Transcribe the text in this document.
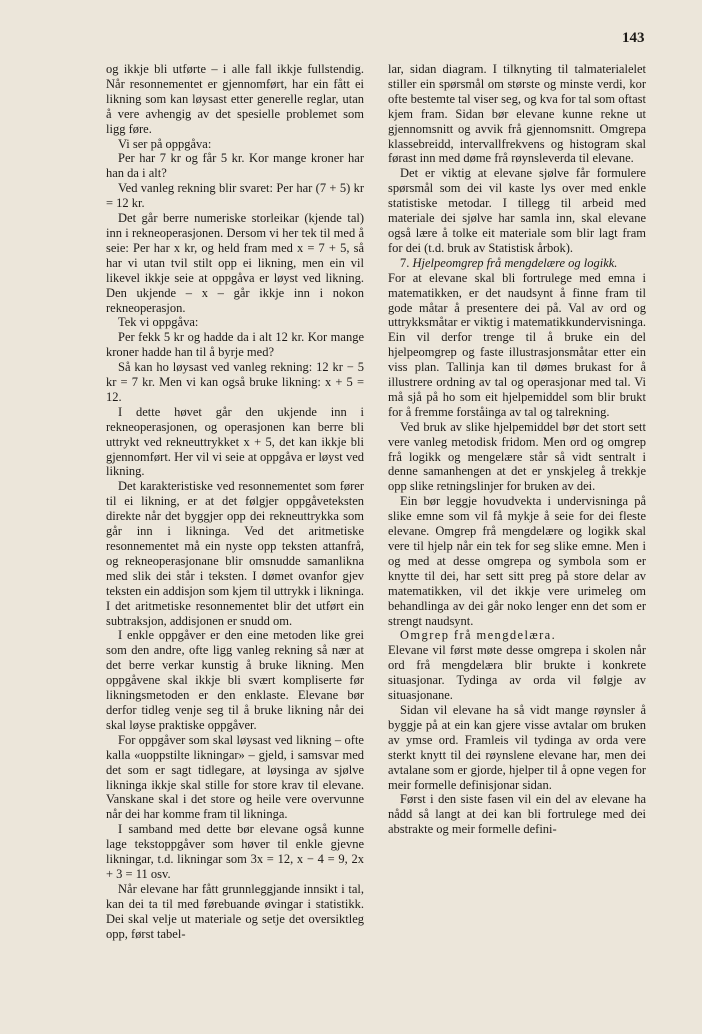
143

og ikkje bli utførte – i alle fall ikkje fullstendig. Når resonnementet er gjennomført, har ein fått ei likning som kan løysast etter generelle reglar, utan å vere avhengig av det spesielle problemet som ligg føre.

Vi ser på oppgåva:

Per har 7 kr og får 5 kr. Kor mange kroner har han da i alt?

Ved vanleg rekning blir svaret: Per har (7 + 5) kr = 12 kr.

Det går berre numeriske storleikar (kjende tal) inn i rekneoperasjonen. Dersom vi her tek til med å seie: Per har x kr, og held fram med x = 7 + 5, så har vi utan tvil stilt opp ei likning, men ein vil likevel ikkje seie at oppgåva er løyst ved likning. Den ukjende – x – går ikkje inn i nokon rekneoperasjon.

Tek vi oppgåva:

Per fekk 5 kr og hadde da i alt 12 kr. Kor mange kroner hadde han til å byrje med?

Så kan ho løysast ved vanleg rekning: 12 kr − 5 kr = 7 kr. Men vi kan også bruke likning: x + 5 = 12.

I dette høvet går den ukjende inn i rekneoperasjonen, og operasjonen kan berre bli uttrykt ved rekneuttrykket x + 5, det kan ikkje bli gjennomført. Her vil vi seie at oppgåva er løyst ved likning.

Det karakteristiske ved resonnementet som fører til ei likning, er at det følgjer oppgåveteksten direkte når det byggjer opp dei rekneuttrykka som går inn i likninga. Ved det aritmetiske resonnementet må ein nyste opp teksten attanfrå, og rekneoperasjonane blir omsnudde samanlikna med slik dei står i teksten. I dømet ovanfor gjev teksten ein addisjon som kjem til uttrykk i likninga. I det aritmetiske resonnementet blir det utført ein subtraksjon, addisjonen er snudd om.

I enkle oppgåver er den eine metoden like grei som den andre, ofte ligg vanleg rekning så nær at det berre verkar kunstig å bruke likning. Men oppgåvene skal ikkje bli svært kompliserte før likningsmetoden er den enklaste. Elevane bør derfor tidleg venje seg til å bruke likning når dei skal løyse praktiske oppgåver.

For oppgåver som skal løysast ved likning – ofte kalla «uoppstilte likningar» – gjeld, i samsvar med det som er sagt tidlegare, at løysinga av sjølve likninga ikkje skal stille for store krav til elevane. Vanskane skal i det store og heile vere overvunne når dei har komme fram til likninga.

I samband med dette bør elevane også kunne lage tekstoppgåver som høver til enkle gjevne likningar, t.d. likningar som 3x = 12, x − 4 = 9, 2x + 3 = 11 osv.

Når elevane har fått grunnleggjande innsikt i tal, kan dei ta til med førebuande øvingar i statistikk. Dei skal velje ut materiale og setje det oversiktleg opp, først tabel-

lar, sidan diagram. I tilknyting til talmateriale​let stiller ein spørsmål om største og minste verdi, kor ofte bestemte tal viser seg, og kva for tal som oftast kjem fram. Sidan bør elevane kunne rekne ut gjennomsnitt og avvik frå gjennomsnitt. Omgrepa klassebreidd, intervallfrekvens og histogram skal førast inn med døme frå røynsleverda til elevane.

Det er viktig at elevane sjølve får formulere spørsmål som dei vil kaste lys over med enkle statistiske metodar. I tillegg til arbeid med materiale dei sjølve har samla inn, skal elevane også lære å tolke eit materiale som blir lagt fram for dei (t.d. bruk av Statistisk årbok).

7. Hjelpeomgrep frå mengdelære og logikk.

For at elevane skal bli fortrulege med emna i matematikken, er det naudsynt å finne fram til gode måtar å presentere dei på. Val av ord og uttrykksmåtar er viktig i matematikkundervisninga. Ein vil derfor trenge til å bruke ein del hjelpeomgrep og faste illustrasjonsmåtar etter ein viss plan. Tallinja kan til dømes brukast for å illustrere ordning av tal og operasjonar med tal. Vi må sjå på ho som eit hjelpemiddel som blir brukt for å fremme forståinga av tal og talrekning.

Ved bruk av slike hjelpemiddel bør det stort sett vere vanleg metodisk fridom. Men ord og omgrep frå logikk og mengelære står så vidt sentralt i denne samanhengen at det er ynskjeleg å trekkje opp slike retningslinjer for bruken av dei.

Ein bør leggje hovudvekta i undervisninga på slike emne som vil få mykje å seie for dei fleste elevane. Omgrep frå mengdelære og logikk skal vere til hjelp når ein tek for seg slike emne. Men i og med at desse omgrepa og symbola som er knytte til dei, har sett sitt preg på store delar av matematikken, vil det ikkje vere urimeleg om behandlinga av dei går noko lenger enn det som er strengt naudsynt.

Omgrep frå mengdelæra.

Elevane vil først møte desse omgrepa i skolen når ord frå mengdelæra blir brukte i konkrete situasjonar. Tydinga av orda vil følgje av situasjonane.

Sidan vil elevane ha så vidt mange røynsler å byggje på at ein kan gjere visse avtalar om bruken av ymse ord. Framleis vil tydinga av orda vere sterkt knytt til dei røynslene elevane har, men dei avtalane som er gjorde, hjelper til å opne vegen for meir formelle definisjonar sidan.

Først i den siste fasen vil ein del av elevane ha nådd så langt at dei kan bli fortrulege med dei abstrakte og meir formelle defini-
